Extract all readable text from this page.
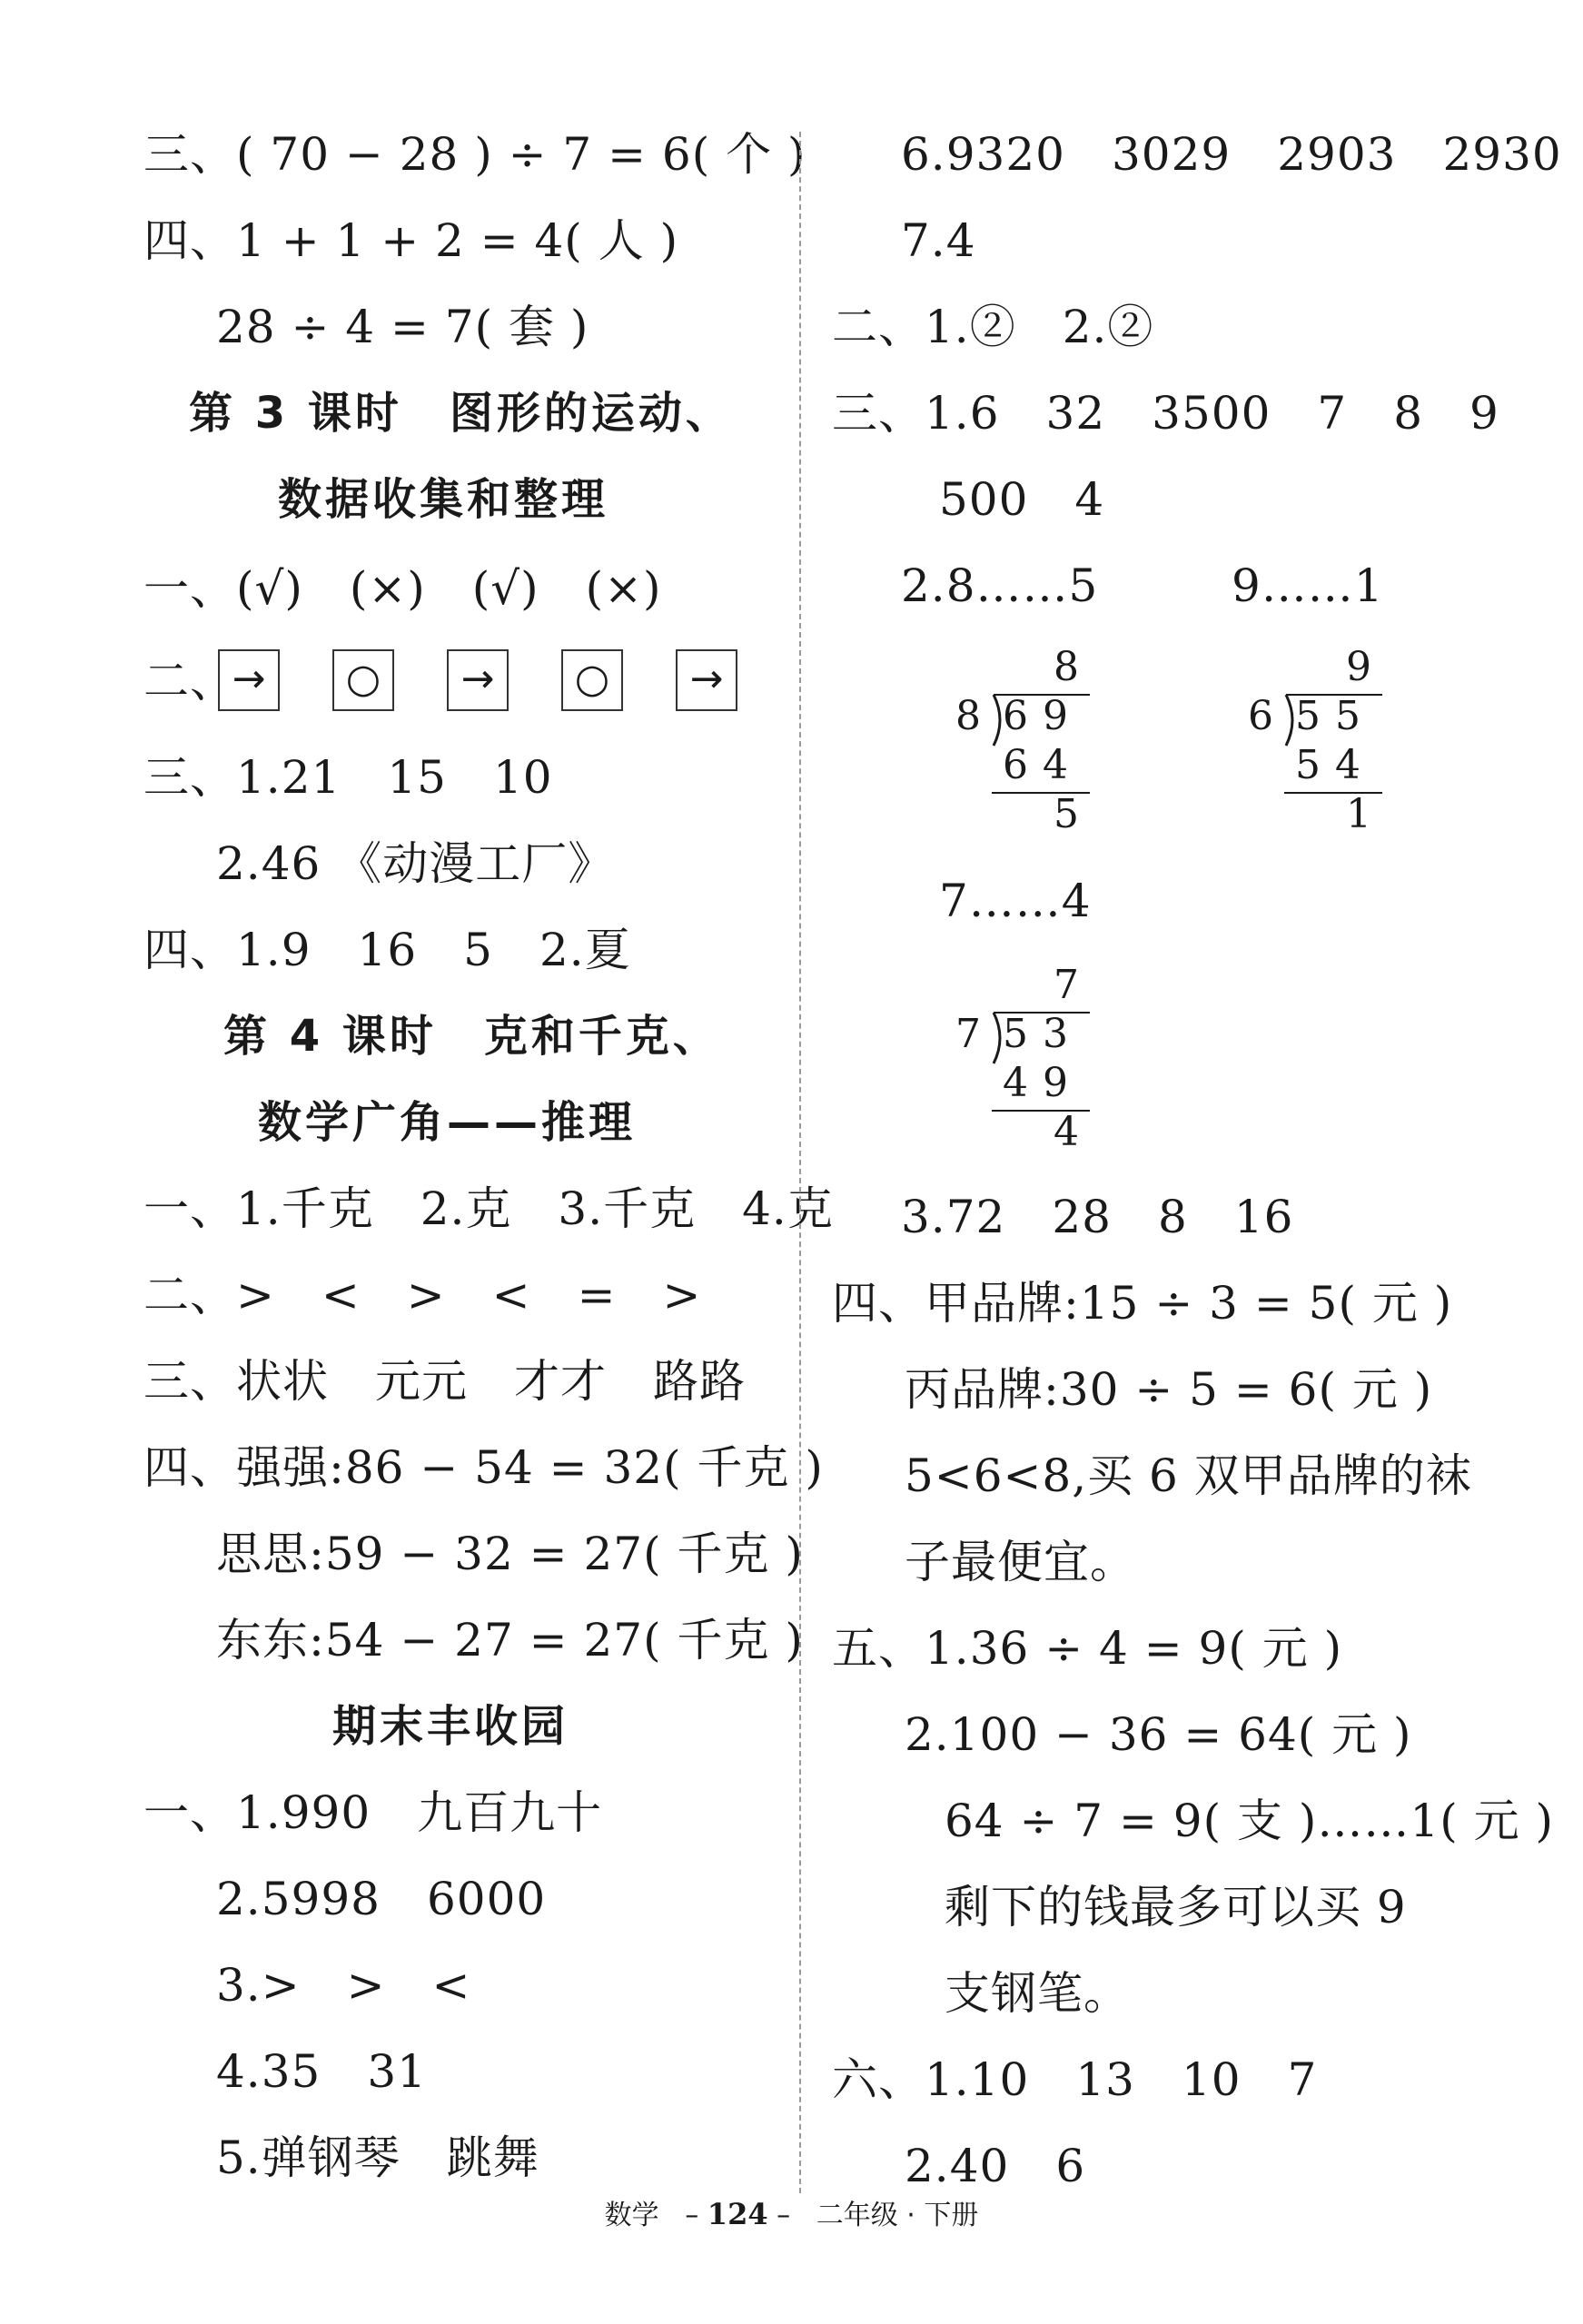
三、( 70 − 28 ) ÷ 7 = 6( 个 )
四、1 + 1 + 2 = 4( 人 )
28 ÷ 4 = 7( 套 )
第 3 课时　图形的运动、
数据收集和整理
一、(√)　(×)　(√)　(×)
二、
→	○	→	○	→
三、1.21　15　10
2.46 《动漫工厂》
四、1.9　16　5　2.夏
第 4 课时　克和千克、
数学广角——推理
一、1.千克　2.克　3.千克　4.克
二、>　<　>　<　=　>
三、状状　元元　才才　路路
四、强强:86 − 54 = 32( 千克 )
思思:59 − 32 = 27( 千克 )
东东:54 − 27 = 27( 千克 )
期末丰收园
一、1.990　九百九十
2.5998　6000
3.>　>　<
4.35　31
5.弹钢琴　跳舞
6.9320　3029　2903　2930
7.4
二、1.②　2.②
三、1.6　32　3500　7　8　9
500　4
2.8……5	9……1
8
8 6 9
6 4
5
9
6 5 5
5 4
1
7……4
7
7 5 3
4 9
4
3.72　28　8　16
四、甲品牌:15 ÷ 3 = 5( 元 )
丙品牌:30 ÷ 5 = 6( 元 )
5<6<8,买 6 双甲品牌的袜
子最便宜。
五、1.36 ÷ 4 = 9( 元 )
2.100 − 36 = 64( 元 )
64 ÷ 7 = 9( 支 )……1( 元 )
剩下的钱最多可以买 9
支钢笔。
六、1.10　13　10　7
2.40　6
数学   – 124 –   二年级 · 下册
